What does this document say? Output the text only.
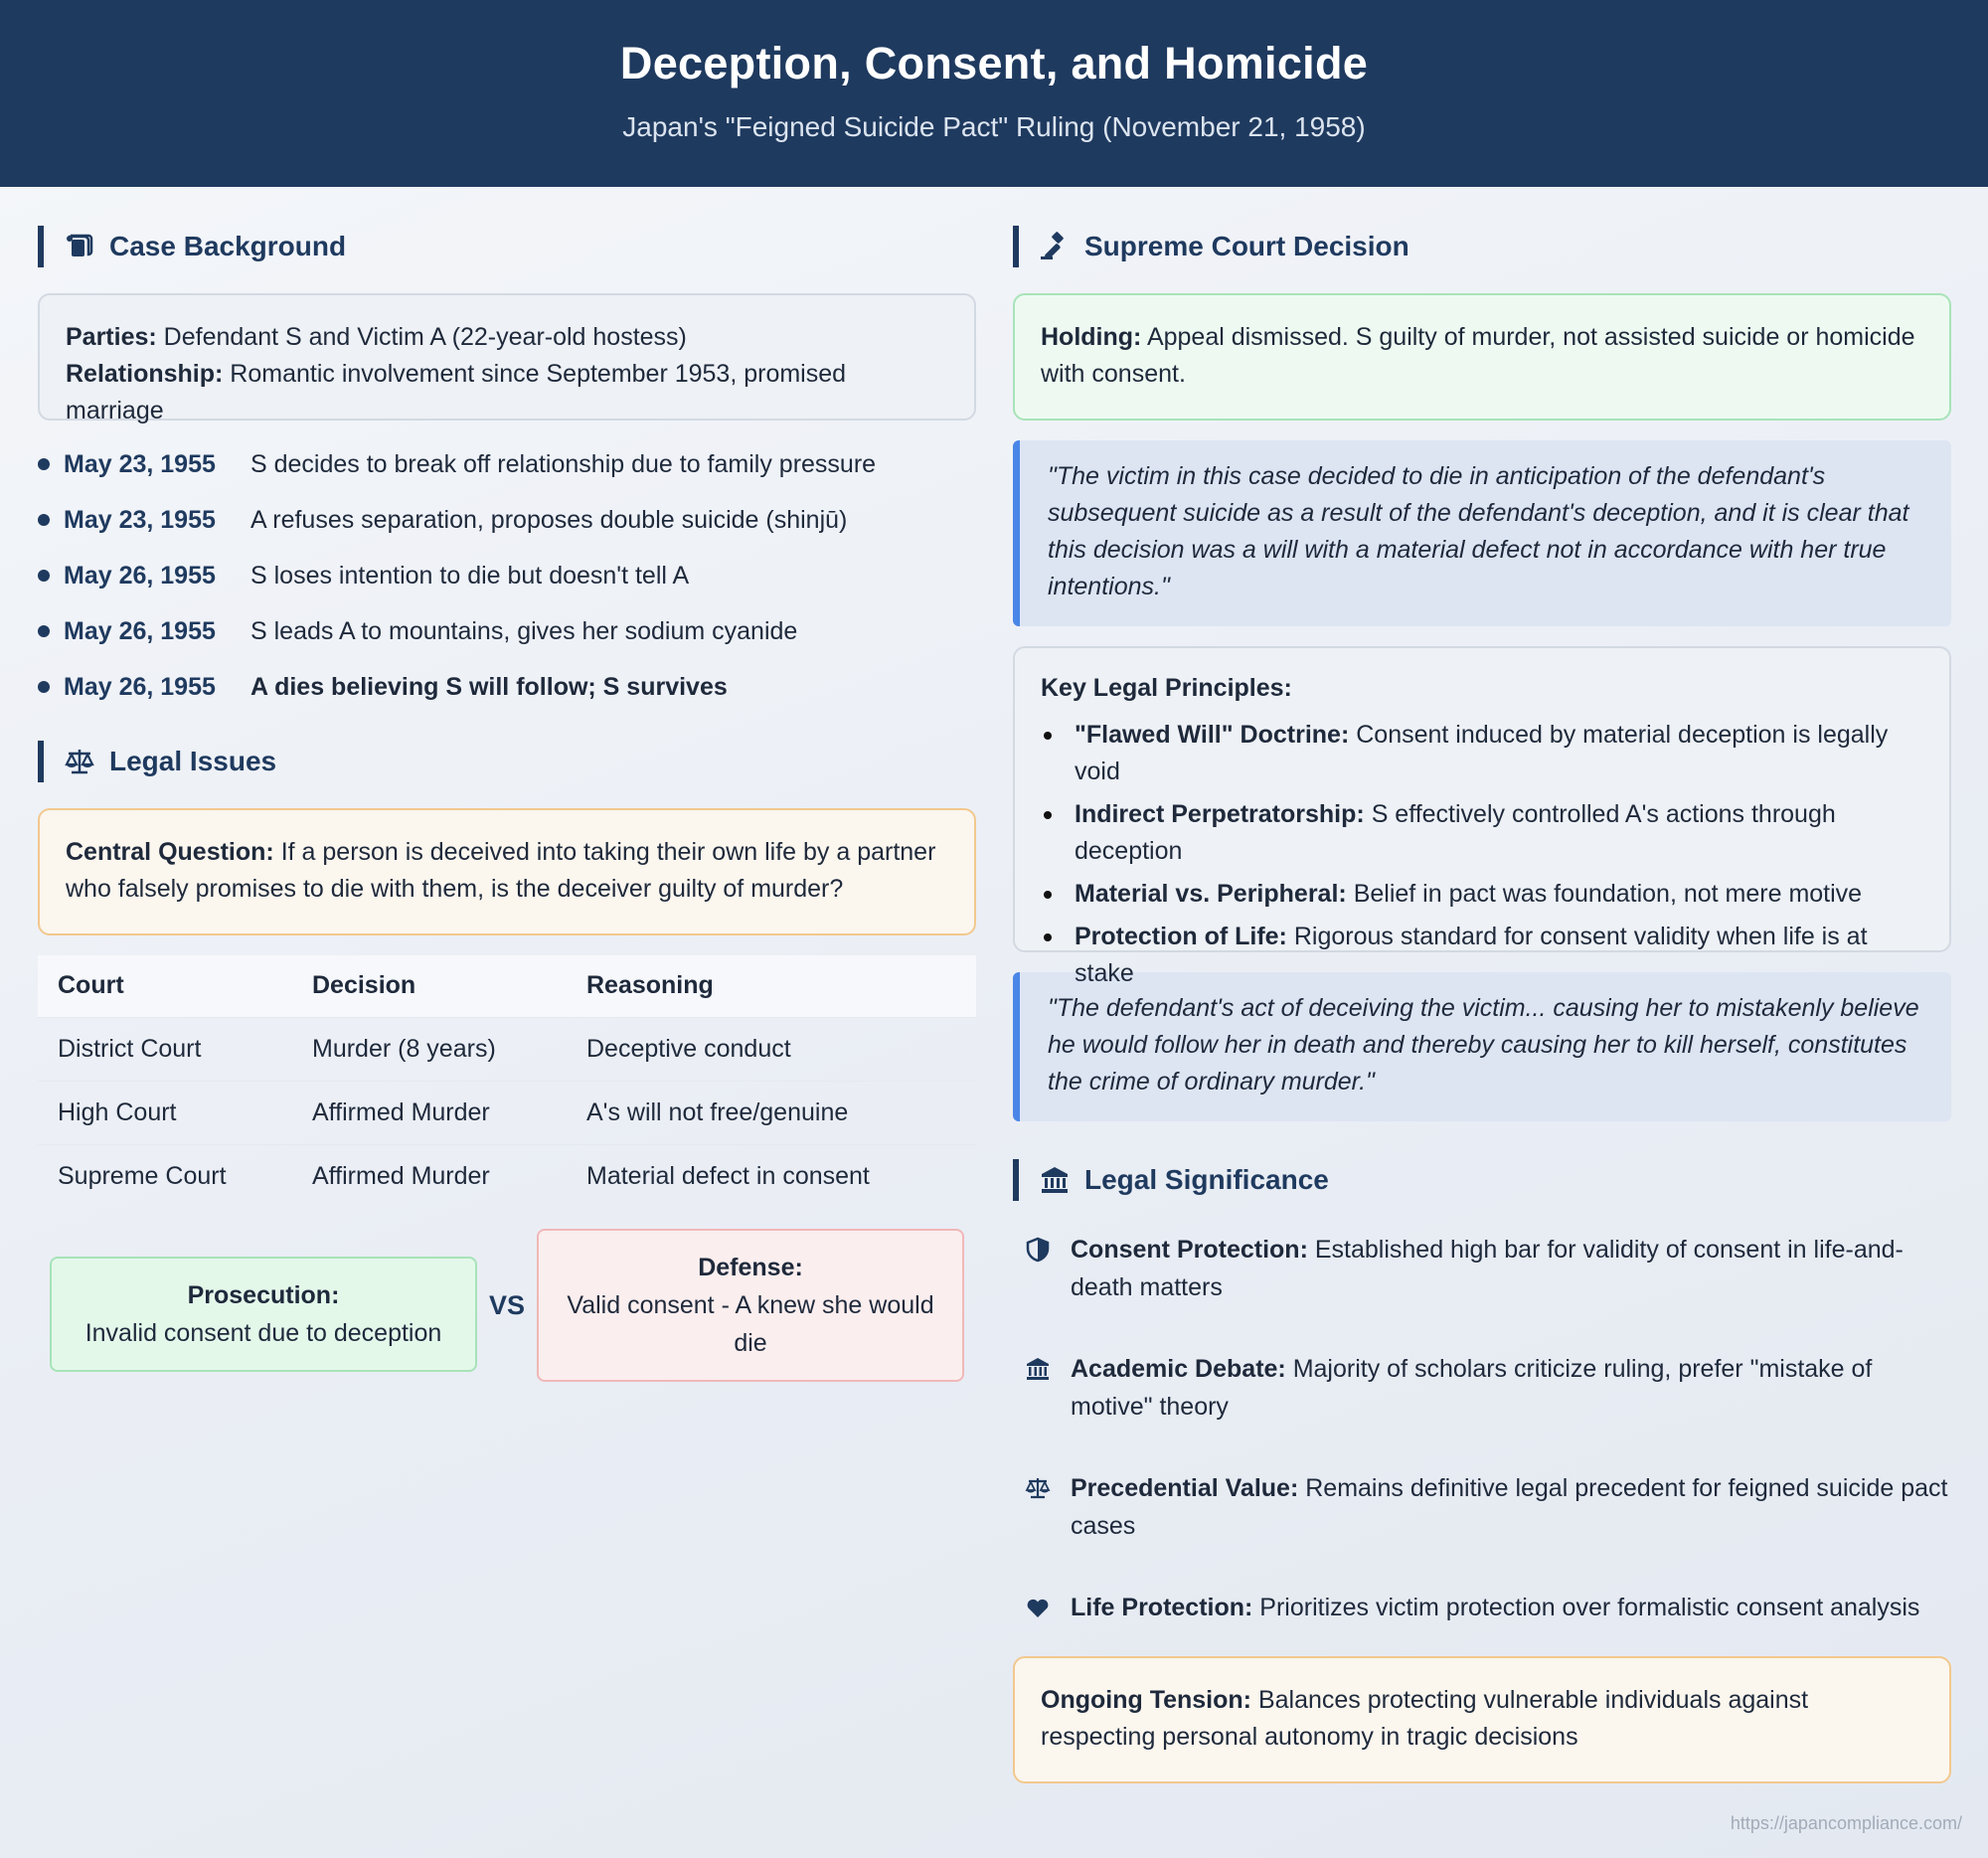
Deception, Consent, and Homicide
Japan's "Feigned Suicide Pact" Ruling (November 21, 1958)
Case Background
Parties: Defendant S and Victim A (22-year-old hostess)
Relationship: Romantic involvement since September 1953, promised marriage
May 23, 1955	S decides to break off relationship due to family pressure
May 23, 1955	A refuses separation, proposes double suicide (shinjū)
May 26, 1955	S loses intention to die but doesn't tell A
May 26, 1955	S leads A to mountains, gives her sodium cyanide
May 26, 1955	A dies believing S will follow; S survives
Legal Issues
Central Question: If a person is deceived into taking their own life by a partner who falsely promises to die with them, is the deceiver guilty of murder?
Court	Decision	Reasoning
District Court	Murder (8 years)	Deceptive conduct
High Court	Affirmed Murder	A's will not free/genuine
Supreme Court	Affirmed Murder	Material defect in consent
Prosecution:
Invalid consent due to deception
VS
Defense:
Valid consent - A knew she would die
Supreme Court Decision
Holding: Appeal dismissed. S guilty of murder, not assisted suicide or homicide with consent.
"The victim in this case decided to die in anticipation of the defendant's subsequent suicide as a result of the defendant's deception, and it is clear that this decision was a will with a material defect not in accordance with her true intentions."
Key Legal Principles:
"Flawed Will" Doctrine: Consent induced by material deception is legally void
Indirect Perpetratorship: S effectively controlled A's actions through deception
Material vs. Peripheral: Belief in pact was foundation, not mere motive
Protection of Life: Rigorous standard for consent validity when life is at stake
"The defendant's act of deceiving the victim... causing her to mistakenly believe he would follow her in death and thereby causing her to kill herself, constitutes the crime of ordinary murder."
Legal Significance
Consent Protection: Established high bar for validity of consent in life-and-death matters
Academic Debate: Majority of scholars criticize ruling, prefer "mistake of motive" theory
Precedential Value: Remains definitive legal precedent for feigned suicide pact cases
Life Protection: Prioritizes victim protection over formalistic consent analysis
Ongoing Tension: Balances protecting vulnerable individuals against respecting personal autonomy in tragic decisions
https://japancompliance.com/
